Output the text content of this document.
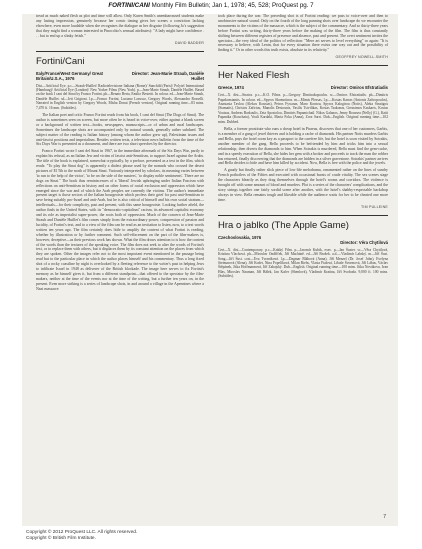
FORTINI/CANI Monthly Film Bulletin; Jan 1, 1978; 45, 528; ProQuest pg. 7

tread as much naked flesh as plot and time will allow. Only Karen Smith's unembarrassed students make any lasting impression, genuinely because her comic timing gives her scenes a conviction lacking elsewhere, even more laudable when she recognises the dialogue as her disguise (following Jo's suggestion that they might find a woman interested in Pinocchio's sensual attributes): "A lady might have confidence . . . but to end up a slinky fetish."

DAVID BADDER
Fortini/Cani
Italy/France/West Germany/ Great Britain/U.S.A., 1976
Director: Jean-Marie Straub, Danièle Huillet

Dist—Artificial Eye. p.c—Straub-Huillet/ Radiotelevisione Italiana (Rome)/ Sunchild (Paris)/ Polytel International (Hamburg)/ Artificial Eye (London)/ New Yorker Films (New York). p—Jean-Marie Straub, Danièle Huillet. Based on the book I cani del Sinai by Franco Fortini. ph—Renato Berta, Emilio Bestetti. In colour. ed—Jean-Marie Straub, Danièle Huillet. sd—Jeti Grigioni. l.p.—Franco Fortini, Luciano Lorusso, Gregory Woods, Alessandro Rosselli. Narrated in English version by Gregory Woods, Misha Donat (French version). Original running time—83 mins. 7,470 ft. 16 mm. (Subtitles).

The Italian poet and critic Franco Fortini reads from his book, I cani del Sinai (The Dogs of Sinai). The author is sometimes seen on screen, but more often he is heard in voice-over, either against a blank screen or a background of written text—books, newspapers, manuscripts—or of urban and rural landscapes. Sometimes the landscape shots are accompanied only by natural sounds, generally rather subdued. The subject matter of the reading is Italian history (among whom the author grew up), Palestinian issues and anti-fascist positions and imperialism. Besides written texts, a television news bulletin from the time of the Six Days War is presented as a document, and there are two short speeches by the director.

Franco Fortini wrote I cani del Sinai in 1967, in the immediate aftermath of the Six Days War, partly to explain his refusal, as an Italian Jew and victim of fascist anti-Semitism, to support Israel against the Arabs. The title of the book is explained, somewhat cryptically, by a preface, presented as a text in the film, which reads: "To play the Sinai dog" is apparently a dialect phrase used by the nomads who crossed the desert pictures of El Tih to the north of Mount Sinai. Variously interpreted by scholars, its meaning varies between 'to run to the help of the victor', 'to be on the side of the masters', 'to display noble sentiments'. There are no dogs on Sinai." The book thus reminiscences of a 'liberal' Jewish upbringing under Italian Fascism with reflections on anti-Semitism in history and on other forms of racial exclusion and oppression which have emerged since the war and of which the Arab peoples are currently the victims. The author's immediate present target is those sectors of the Italian bourgeoisie which profess their grief for past anti-Semitism to save being suitably pro-Israel and anti-Arab, but he is also critical of himself and his own social stratum—intellectuals—for their complicity, past and present, with this same bourgeoisie. Looking further afield, the author finds in the United States, with its "democratic-capitalism" racism, its advanced capitalist economy and its role as imperialist super-power, the roots both of oppression. Much of the concern of Jean-Marie Straub and Danièle Huillet's film comes simply from the extraordinary power, compression of passion and lucidity, of Fortini's text, and to a view of the film can be read as an invitation to listen, now, to a text words written ten years ago. The film certainly does little to amplify the content of what Fortini is reading, whether by illustration or by further comment. Such self-effacement on the part of the film-makers is, however, deceptive—as their previous work has shown. What the film draws attention to is how the content of the words than the textures of the speaking voice. The film does not seek to alter the words of Fortini's text, or to replace them with others, but it displaces them by its constant attention on the places from which they are spoken. Other the images refer not to the most important event mentioned in the passage being read but to the particular place in which the author places himself and his commentary. Thus a long fixed shot of a rocky coastline by night is overlooked by a fleeting reference to the writer's past in helping Jews to infiltrate Israel in 1948 as deliverer of the British blockade. The image here serves to fix Fortini's memory as he himself gives it, but from a different standpoint—that offered to the spectator by the film-makers, neither at the time of the events nor at the time of the writing, but a further ten years on, in the present. Even more striking is a series of landscape shots, in and around a village in the Apennines where a Nazi massacre

took place during the war. The preceding shot is of Fortini reading: we pass to voice-over and then to unobtrusive natural sound. Only on the fourth of the long panning shots over landscape do we encounter the monuments to the victims of the massacre, which is the subject of the commentary. And so thirty-three years before Fortini was writing, thirty-three years before the making of the film. The film is thus constantly shifting between different registers of presence and absence, past and present. The overt sentiment invites the spectator—the very ideal of the politics of reflection: "Mere art serves to level everything" or again: "It is necessary to believe, with Lenin, that for every situation there exists one way out and the possibility of finding it." Or in other words this truth exists, absolute in its relativity."

GEOFFREY NOWELL-SMITH
Her Naked Flesh
Greece, 1974	Director: Omiros Efstratiadis

Cert—X. dist—Stratos. p.c—K.O. Films. p—Gregory Dimitrakopoulos. sc—Omiros Efstratiadis. ph—Dimitris Papakonstantis. In colour. ed—Spyros Skomotinos. m—Mimis Plessas, l.p.—Kostas Karras (Antonis Zafiropoulos), Anastasia Tavlou (Alekos Kousias), Petros Fyssoun, Maro Kontou, Spyros Kalogirou (Notis), Aleka Stratigou (Stamatis), Christos Zafiriou, Manolis Destounis, Vasilis Tsivilikas, Kostas Tsakonas, Gerasimos Kaskaris, Kostas Voutsas, Andreas Barkoulis, Zeta Apostolou, Dimitris Papamichail. Nikos Galanos, Jenny Roussea (Nelly) (G.), Kaiti Papanika (Kouchaia), Vouli Kardaki, Maria Foka (Anna), Zorz Sarri. Dub—English. Original running time—102 mins. Dubbed.

Bella, a former prostitute who runs a cheap hotel in Piraeus, discovers that one of her customers, Garbis, is a member of a gang of jewel thieves and is holding a cache of diamonds. His partner Notis murders Garbis and Bella, pays the hotel room key as a passport to the carefree life, but the hotel is soon visited by Sotrakis, another member of the gang. Bella proceeds to be befriended by him and tricks him into a sexual relationship, then diverts the diamonds to him. When Sotrakis is murdered, Bella must find the gem-cache, and in a speedy execution of Bella, she hides her gem with a broker and proceeds to track the man the robber has returned, finally discovering that the diamonds are hidden in a silver gravestone. Sotrakis' partner arrives and Bella decides to hide and have him killed by accident. Now, Bella is free with the police and the jewels.

A gaudy but finally rather slick piece of low-life melodrama, ornamented rather on the lines of sundry French potboilers of the Fifties and executed with occasional bursts of crude vitality. The sex scenes stage the characters blearily as they drag themselves through the hotel's rooms and corridors. The violence is brought off with some amount of blood and murders. Plot is a series of the characters' complications, and the story strings together one fairly sordid scene after another, with the hotel's shabby-respectable backdrop always in view. Bella remains tough and likeable while the audience waits for her to be cheated one more time.

TIM PULLEINE
Hra o jablko (The Apple Game)
Czechoslovakia, 1976
Director: Věra Chytilová

Cert—X. dist—Contemporary. p.c—Krátký Film. p—Jaromír Kubik, exec. p—Jan Šuster. sc—Věra Chytilová, Kristina Vlachová. ph—Miroslav Ondříček, Jiří Macháně. ed—Jiří Brožek. a.d.—Vladimír Labský. m—Jiří Šust. Song—Jiří Šust. cost—Eva Tvrzníková. l.p.—Dagmar Bláhová (Anna), Jiří Menzel (Dr. Josef John), Evelyna Steimarová (Alena), Jiří Kodet, Nina Popelíková, Milan Riehs, Vlasta Fialová, Libuše Švormová, Jiří Lábus, Václav Štěpánek, Jitka Hoffmannová, Jiří Zahajský. Dub—English. Original running time—100 mins. Jitka Novákova, Ivan Hlas, Miroslav Nauman, Jiří Hálek, Jan Kačer (Shenlová), Vladimír Kratina, Jiří Svoboda. 9,000 ft. 100 mins. (Subtitles).

7
Copyright © 2012 ProQuest LLC. All rights reserved.
Copyright © British Film Institute.
